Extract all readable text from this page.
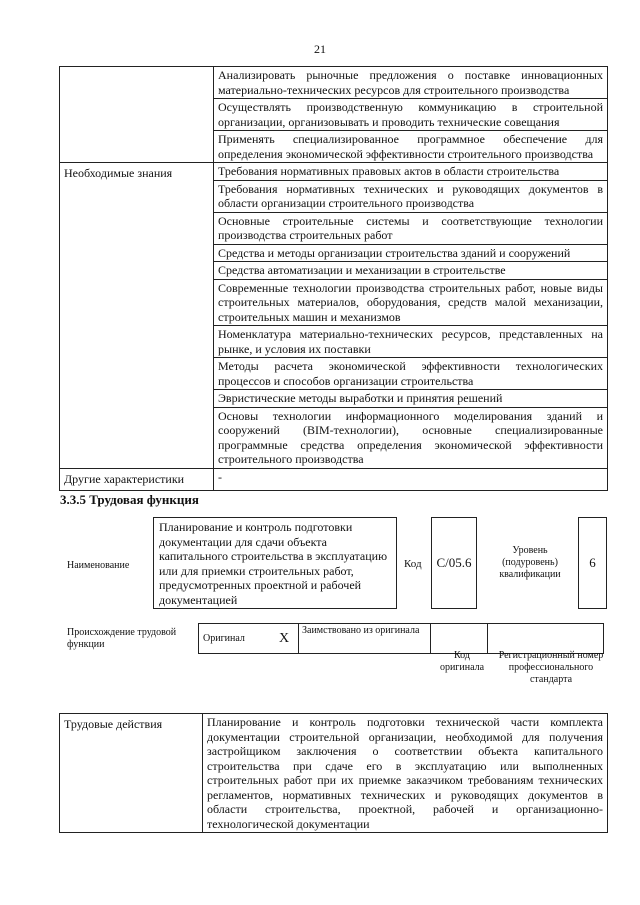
21
	Анализировать рыночные предложения о поставке инновационных материально-технических ресурсов для строительного производства
	Осуществлять производственную коммуникацию в строительной организации, организовывать и проводить технические совещания
	Применять специализированное программное обеспечение для определения экономической эффективности строительного производства
Необходимые знания	Требования нормативных правовых актов в области строительства
	Требования нормативных технических и руководящих документов в области организации строительного производства
	Основные строительные системы и соответствующие технологии производства строительных работ
	Средства и методы организации строительства зданий и сооружений
	Средства автоматизации и механизации в строительстве
	Современные технологии производства строительных работ, новые виды строительных материалов, оборудования, средств малой механизации, строительных машин и механизмов
	Номенклатура материально-технических ресурсов, представленных на рынке, и условия их поставки
	Методы расчета экономической эффективности технологических процессов и способов организации строительства
	Эвристические методы выработки и принятия решений
	Основы технологии информационного моделирования зданий и сооружений (BIM-технологии), основные специализированные программные средства определения экономической эффективности строительного производства
Другие характеристики	-
3.3.5 Трудовая функция
Наименование
Планирование и контроль подготовки документации для сдачи объекта капитального строительства в эксплуатацию или для приемки строительных работ, предусмотренных проектной и рабочей документацией
Код	C/05.6
Уровень (подуровень) квалификации
6
Происхождение трудовой функции
Оригинал	X	Заимствовано из оригинала		
Код оригинала
Регистрационный номер профессионального стандарта
Трудовые действия	Планирование и контроль подготовки технической части комплекта документации строительной организации, необходимой для получения застройщиком заключения о соответствии объекта капитального строительства при сдаче его в эксплуатацию или выполненных строительных работ при их приемке заказчиком требованиям технических регламентов, нормативных технических и руководящих документов в области строительства, проектной, рабочей и организационно-технологической документации
